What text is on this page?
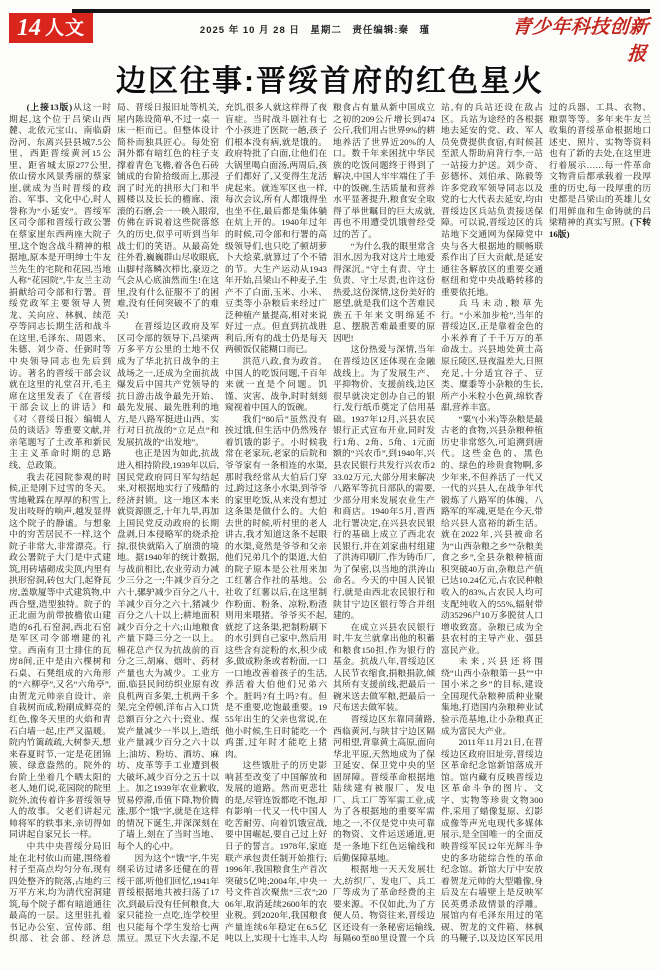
14 人文	2025 年 10 月 28 日　星期二　责任编辑:秦　瑾	青少年科技创新报
边区往事:晋绥首府的红色星火

(上接13版)从这一时期起,这个位于吕梁山西麓、北依元宝山、南临蔚汾河、东离兴县县城7.5公里、西距晋绥黄河15公里、距省城太原277公里,依山傍水风景秀丽的蔡家崖,就成为当时晋绥的政治、军事、文化中心,时人誉称为“小延安”。晋绥军区司令部和晋绥行政公署在蔡家崖东西两座大院子里,这个饱含战斗精神的根据地,原本是开明绅士牛友兰先生的宅院和花园,当地人称“花园院”,牛友兰主动捐献给司令部和行署。晋绥党政军主要领导人贺龙、关向应、林枫、续范亭等同志长期生活和战斗在这里,毛泽东、周恩来、朱德、刘少奇、任弼时等中央领导同志也先后到访。著名的晋绥干部会议就在这里的礼堂召开,毛主席在这里发表了《在晋绥干部会议上的讲话》和《对〈晋绥日报〉编辑人员的谈话》等重要文献,并亲笔题写了土改革和新民主主义革命时期的总路线、总政策。

我去花园院参观的时候,正是刚下过雪的冬天。雪地靴踩在厚厚的积雪上,发出吱呀的响声,越发显得这个院子的静谧。与想象中的穷苦居民不一样,这个院子非常大,非常漂亮。行政公署院子大门是中式建筑,用砖墙砌成尖顶,内里有拱形窑洞,砖包大门,起脊瓦房,盖歇厦等中式建筑物,中西合璧,造型独特。院子的正北面为前带披檐依山建造的6孔石窑洞,西北石窑是军区司令部增建的礼堂。西南有卫士排住的瓦房8间,正中是由六棵树和石桌、石凳组成的六角形的“六柳亭”,又名“六角亭”,由贺龙元帅亲自设计、亲自栽树而成,粉刷成鲜亮的红色,像冬天里的火焰和青石白墙一起,庄严又温暖。院内竹篱疏疏,大树参天,想来春夏时节,一定是花团锦簇、绿意盎然的。院外的台阶上坐着几个晒太阳的老人,她们说,花园院的院里院外,流传着许多晋绥领导人的故事。父老们讲起元帅将军的轶事来,亲切得如同讲起自家兄长一样。

中共中央晋绥分局旧址在北村依山而建,围绕着村子至高点均匀分布,现有四处整齐的院落,占地约三万平方米,均为清代窑洞建筑,每个院子都有暗道通往最高的一层。这里驻扎着书记办公室、宣传部、组织部、社会部、经济总局、晋绥日报旧址等机关,屋内陈设简单,不过一桌一床一柜而已。但整体设计简朴而独具匠心。每处窑洞外都有暗红色的柱子支撑着青色飞檐,着各色石砖铺成的台阶拾级而上,那浸润了时光的拱形大门和半圆楼以及长长的檐廊、滚滚的石磨,会一一映入眼帘,仿佛在诉说着这些院落悠久的历史,似乎可听到当年战士们的笑语。从最高处往外看,巍巍群山尽收眼底,山脚村落鳞次栉比,豪迈之气会从心底油然而生!在这里,没有什么征服不了的困难,没有任何突破不了的难关!

在晋绥边区政府及军区司令部的领导下,吕梁两万多平方公里的土地不仅成为了华北抗日战争的主战场之一,还成为全面抗战爆发后中国共产党领导的抗日游击战争最先开始、最先发展、最先胜利的地方,是八路军挺进山西、实行对日抗战的“立足点”和发展抗战的“出发地”。

也正是因为如此,抗战进入相持阶段,1939年以后,国民党政府同日军勾结起来,对根据地实行了残酷的经济封锁。这一地区本来就资源匮乏,十年九旱,再加上国民党反动政府的长期盘剥,日本侵略军的烧杀抢掠,很快就陷入了崩溃的境地。据1940年的统计数据,与战前相比,农业劳动力减少三分之一;牛减少百分之六十,骡驴减少百分之八十,羊减少百分之六十,猪减少百分之八十以上;耕地面积减少百分之十六;山地粮食产量下降三分之一以上。棉花总产仅为抗战前的百分之三,胡麻、烟叶、药材产量也大为减少。工业方面,临县民间纺织业原有改良机两百多架,土机两千多架,完全停顿,洋布占入口货总额百分之六十;瓷业、煤炭产量减少一半以上,造纸业产量减少百分之六十以上;油坊、粉坊、酒坊、麻坊、皮革等手工业遭到极大破坏,减少百分之五十以上。加之1939年农业歉收,贸易停滞,币值下降,物价腾涨,那个“饿”字,就是在这样的情况下诞生,并深深刻在了墙上,刻在了当时当地、每个人的心中。

因为这个“饿”字,牛宪纲采访过诸多还健在的晋绥干部,听他们回忆,1941年晋绥根据地共被扫荡了17次,到最后没有任何粮食,大家只能捡一点吃,连学校里也只能每个学生发给七两黑豆。黑豆下火去湿,不足充饥,很多人就这样得了夜盲症。当时战斗剧社有七个小孩进了医院一趟,孩子们根本没有病,就是饿的。政府特批了白面,让他们在大锅里喝白面汤,两周后,孩子们都好了,又变得生龙活虎起来。就连军区也一样,每次会议,所有人都饿得坐也坐不住,最后都是集体躺在炕上开的。1940年过年的时候,司令部和行署的高级领导们,也只吃了顿胡萝卜大烩菜,就算过了个不错的节。大生产运动从1943年开始,吕梁山不种麦子,生产不了白面,玉米、小米、豆类等小杂粮后来经过广泛种植产量提高,相对来说好过一点。但直到抗战胜利后,所有的战士仍是每天两顿饭仅能糊口而已。

洪范八政,食为政首。中国人的吃饭问题,千百年来就一直是个问题。饥馑、灾害、战争,时时刻刻窥视着中国人的饭碗。

我们“80后”虽然没有挨过饿,但生活中仍然残存着饥饿的影子。小时候我常在老家玩,老家的后院和爷爷家有一条相连的水渠,那时我经常从大伯后门穿过,跨过这条小水渠,到爷爷的家里吃饭,从来没有想过这条渠是做什么的。大伯去世的时候,听村里的老人讲古,我才知道这条不起眼的水渠,竟然是爷爷和父亲他们兄弟几个的渠道,大伯的院子原本是公社用来加工红薯合作社的基地。公社收了红薯以后,在这里制作粉面、粉条、凉粉,粉渣则用来喂猪。爷爷买不起,就挖了这条渠,把制粉刷下的水引到自己家中,然后用这些含有淀粉的水,积少成多,做成粉条或者粉面,一口一口地改善着孩子的生活,养活着大伯他们兄弟六个。脏吗?有土吗?有。但是不重要,吃饱最重要。1955年出生的父亲也常说,在他小时候,生日时能吃一个鸡蛋,过年时才能吃上猪肉。

这些饿肚子的历史影响甚至改变了中国解放和发展的道路。然而更悲壮的是,尽管连饭都吃不饱,却有影响一代又一代中国人吃苦耐劳、向着饥饿宣战,要中国崛起,要自己过上好日子的誓言。1978年,家庭联产承包责任制开始推行;1996年,我国粮食生产首次突破5亿吨;2004年,中央一号文件首次聚焦“三农”;2006年,取消延续2600年的农业税。到2020年,我国粮食产量连续6年稳定在6.5亿吨以上,实现十七连丰,人均粮食占有量从新中国成立之初的209公斤增长到474公斤,我们用占世界9%的耕地养活了世界近20%的人口。数千年来困扰中华民族的吃饭问题终于得到了解决,中国人牢牢端住了手中的饭碗,生活质量和营养水平显著提升,粮食安全取得了举世瞩目的巨大成就,再也不用遭受饥饿曾经受过的苦了。

“为什么我的眼里常含泪水,因为我对这片土地爱得深沉。”守土有责、守土负责、守土尽责,也许这份热爱,这份深情,这份美好的愿望,就是我们这个苦难民族五千年来文明绵延不息、摆脱苦难最重要的原因吧!

这份热爱与深情,当年在晋绥边区还体现在金融战线上。为了发展生产、平抑物价、支援前线,边区很早就决定创办自己的银行,发行纸币奠定了信用基础。1937年12月,兴县农民银行正式宣布开业,同时发行1角、2角、5角、1元面额的“兴农币”,到1940年,兴县农民银行共发行兴农币233.02万元,大部分用来解决八路军等抗日部队的需要,少部分用来发展农业生产和商店。1940年5月,晋西北行署决定,在兴县农民银行的基础上成立了西北农民银行,并在刘家曲村组建了洪涛印刷厂,作为铸币厂,为了保密,以当地的洪涛山命名。今天的中国人民银行,就是由西北农民银行和陕甘宁边区银行等合并组建的。

在成立兴县农民银行时,牛友兰就拿出他的积蓄和粮食150担,作为银行的基金。抗战八年,晋绥边区人民节衣缩食,捐粮捐款,倾其所有支援前线,把最后一碗米送去做军粮,把最后一尺布送去做军装。

晋绥边区东靠同蒲路,西临黄河,与陕甘宁边区隔河相望,背靠黄土高原,面向华北平原,天然地成为了保卫延安、保卫党中央的坚固屏障。晋绥革命根据地陆续建有被服厂、发电厂、兵工厂等军需工业,成为了各根据地的重要军需地之一,不仅是党中央可靠的物资、文件运送通道,更是一条地下红色运输线和后勤保障基地。

根据地一天天发展壮大,纺织厂、发电厂、兵工厂等成为了革命经费的主要来源。不仅如此,为了方便人员、物资往来,晋绥边区还设有一条秘密运输线,每隔60至80里设置一个兵站,有的兵站还设在敌占区。兵站为途经的各根据地去延安的党、政、军人员免费提供食宿,有时候甚至派人帮助肩背行李,一站一站接力护送。刘少奇、彭德怀、刘伯承、陈毅等许多党政军领导同志以及党的七大代表去延安,均由晋绥边区兵站负责接送保障。可以说,晋绥边区的兵站地下交通网为保障党中央与各大根据地的顺畅联系作出了巨大贡献,是延安通往各解放区的重要交通枢纽和党中央战略转移的重要依托地。

兵马未动,粮草先行。“小米加步枪”,当年的晋绥边区,正是靠着金色的小米养育了千千万万的革命战士。兴县地处黄土高原丘陵区,昼夜温差大,日照充足,十分适宜谷子、豆类、糜黍等小杂粮的生长,所产小米粒小色黄,绵软香甜,营养丰富。

“粟”(小米)等杂粮是最古老的食物,兴县杂粮种植历史非常悠久,可追溯到唐代。这些金色的、黑色的、绿色的珍贵食物啊,多少年来,不但养活了一代又一代的兴县人,在战争年代锻炼了八路军的体魄、八路军的军魂,更是在今天,带给兴县人富裕的新生活。就在2022年,兴县被命名为“山西杂粮之乡”“杂粮美食之乡”,全县杂粮种植面积突破40万亩,杂粮总产值已达10.24亿元,占农民种粮收入的83%,占农民人均可支配纯收入的55%,辐射带动35296户10万多脱贫人口增收致富。杂粮已成为全县农村的主导产业、强县富民产业。

未来,兴县还将围绕“山西小杂粮第一县”“中国小米之乡”的目标,建设全国现代杂粮种质种业聚集地,打造国内杂粮种业试验示范基地,让小杂粮真正成为富民大产业。

2011年11月21日,在晋绥边区政府旧址旁,晋绥边区革命纪念馆新馆落成开馆。馆内藏有反映晋绥边区革命斗争的图片、文字、实物等珍贵文物300件,采用了蜡像复原、幻影成像等声光电现代多媒体展示,是全国唯一的全面反映晋绥军民12年光辉斗争史的多功能综合性的革命纪念馆。新馆大厅中安放着贺龙元帅的大型雕像,身后及左右墙壁上是反映军民英勇杀敌情景的浮雕。展馆内有毛泽东用过的笔砚、贺龙的文件箱、林枫的马鞭子,以及边区军民用过的兵器、工具、衣物、粮票等等。多年来牛友兰收集的晋绥革命根据地口述史、照片、实物等资料也有了新的去处,在这里进行着展示……每一件革命文物背后都承载着一段厚重的历史,每一段厚重的历史都是吕梁山的英雄儿女们用鲜血和生命铸就的吕梁精神的真实写照。(下转16版)
